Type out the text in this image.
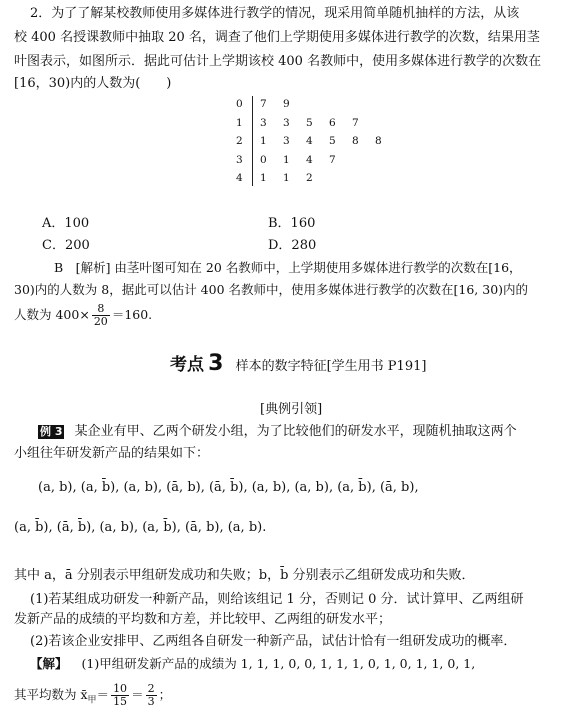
2．为了了解某校教师使用多媒体进行教学的情况，现采用简单随机抽样的方法，从该
校 400 名授课教师中抽取 20 名，调查了他们上学期使用多媒体进行教学的次数，结果用茎
叶图表示，如图所示．据此可估计上学期该校 400 名教师中，使用多媒体进行教学的次数在
[16，30)内的人数为(　　)
0 7 9
1 3 3 5 6 7
2 1 3 4 5 8 8
3 0 1 4 7
4 1 1 2
A．100	B．160
C．200	D．280
B　[解析] 由茎叶图可知在 20 名教师中，上学期使用多媒体进行教学的次数在[16，
30)内的人数为 8，据此可以估计 400 名教师中，使用多媒体进行教学的次数在[16, 30)内的
人数为 $400\times \frac{8}{20} =160$.
考点 3 样本的数字特征[学生用书 P191]
[典例引领]
例 3 某企业有甲、乙两个研发小组，为了比较他们的研发水平，现随机抽取这两个
小组往年研发新产品的结果如下：
(a, b), (a, b̄), (a, b), (ā, b), (ā, b̄), (a, b), (a, b), (a, b̄), (ā, b),
(a, b̄), (ā, b̄), (a, b), (a, b̄), (ā, b), (a, b).
其中 a，ā 分别表示甲组研发成功和失败；b，b̄ 分别表示乙组研发成功和失败．
(1)若某组成功研发一种新产品，则给该组记 1 分，否则记 0 分．试计算甲、乙两组研
发新产品的成绩的平均数和方差，并比较甲、乙两组的研发水平；
(2)若该企业安排甲、乙两组各自研发一种新产品，试估计恰有一组研发成功的概率．
【解】 (1)甲组研发新产品的成绩为 1, 1, 1, 0, 0, 1, 1, 1, 0, 1, 0, 1, 1, 0, 1,
其平均数为 $x̄_甲= \frac{10}{15} = \frac{2}{3}$ ；
